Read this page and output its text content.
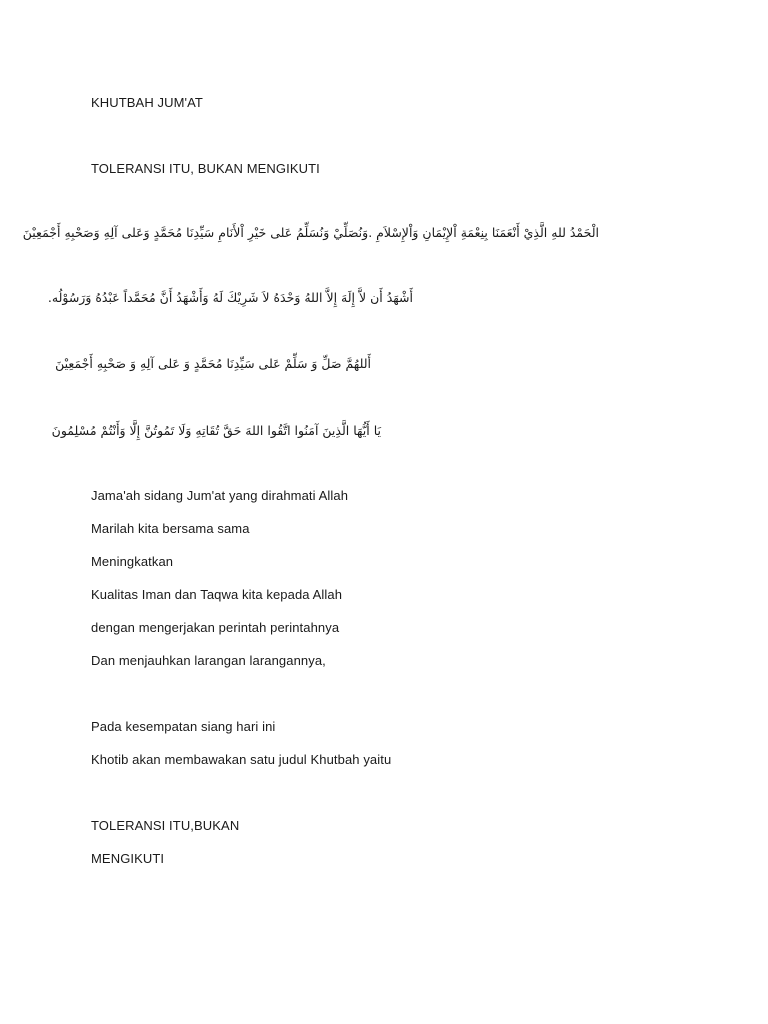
KHUTBAH JUM'AT
TOLERANSI ITU, BUKAN MENGIKUTI
الْحَمْدُ للهِ الَّذِيْ أَنْعَمَنَا بِنِعْمَةِ اْلإِيْمَانِ وَاْلإِسْلاَمِ .وَنُصَلِّيْ وَنُسَلِّمُ عَلى خَيْرِ اْلأَنَامِ سَيِّدِنَا مُحَمَّدٍ وَعَلى آلِهِ وَصَحْبِهِ أَجْمَعِيْنَ
أَشْهَدُ أَن لاَّ إِلَهَ إِلاَّ اللهُ وَحْدَهُ لاَ شَرِيْكَ لَهُ وَأَشْهَدُ أَنَّ مُحَمَّداً عَبْدُهُ وَرَسُوْلُه.
أَللهُمَّ صَلِّ وَ سَلِّمْ عَلى سَيِّدِنَا مُحَمَّدٍ وَ عَلى آلِهِ وَ صَحْبِهِ أَجْمَعِيْنَ
يَا أَيُّهَا الَّذِينَ آمَنُوا اتَّقُوا اللهَ حَقَّ تُقَاتِهِ وَلَا تَمُوتُنَّ إِلَّا وَأَنْتُمْ مُسْلِمُونَ
Jama'ah sidang Jum'at yang dirahmati Allah
Marilah kita bersama sama
Meningkatkan
Kualitas Iman dan Taqwa kita kepada Allah
dengan mengerjakan perintah perintahnya
Dan menjauhkan larangan larangannya,
Pada kesempatan siang hari ini
Khotib akan membawakan satu judul Khutbah yaitu
TOLERANSI ITU,BUKAN
MENGIKUTI
